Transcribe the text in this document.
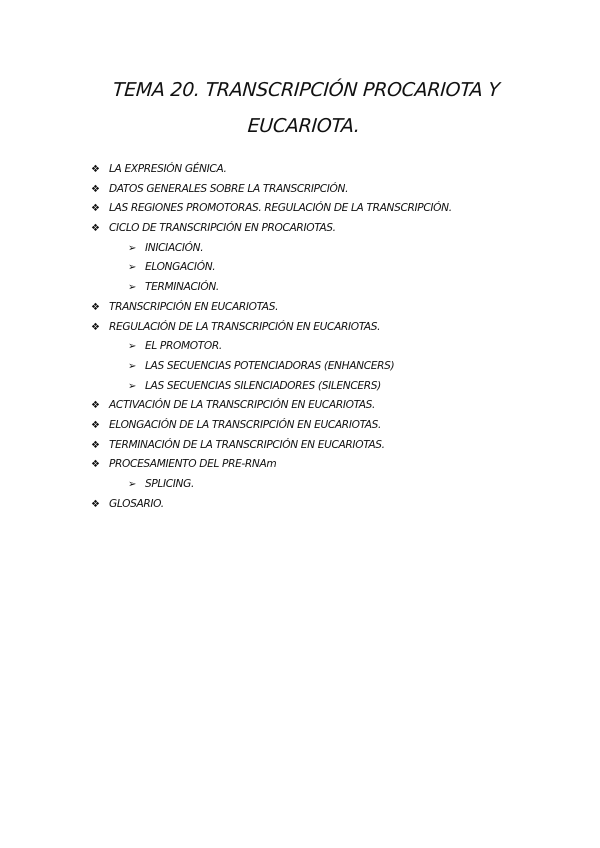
TEMA 20. TRANSCRIPCIÓN PROCARIOTA Y EUCARIOTA.
❖ LA EXPRESIÓN GÉNICA.
❖ DATOS GENERALES SOBRE LA TRANSCRIPCIÓN.
❖ LAS REGIONES PROMOTORAS. REGULACIÓN DE LA TRANSCRIPCIÓN.
❖ CICLO DE TRANSCRIPCIÓN EN PROCARIOTAS.
➢ INICIACIÓN.
➢ ELONGACIÓN.
➢ TERMINACIÓN.
❖ TRANSCRIPCIÓN EN EUCARIOTAS.
❖ REGULACIÓN DE LA TRANSCRIPCIÓN EN EUCARIOTAS.
➢ EL PROMOTOR.
➢ LAS SECUENCIAS POTENCIADORAS (ENHANCERS)
➢ LAS SECUENCIAS SILENCIADORES (SILENCERS)
❖ ACTIVACIÓN DE LA TRANSCRIPCIÓN EN EUCARIOTAS.
❖ ELONGACIÓN DE LA TRANSCRIPCIÓN EN EUCARIOTAS.
❖ TERMINACIÓN DE LA TRANSCRIPCIÓN EN EUCARIOTAS.
❖ PROCESAMIENTO DEL PRE-RNAm
➢ SPLICING.
❖ GLOSARIO.
